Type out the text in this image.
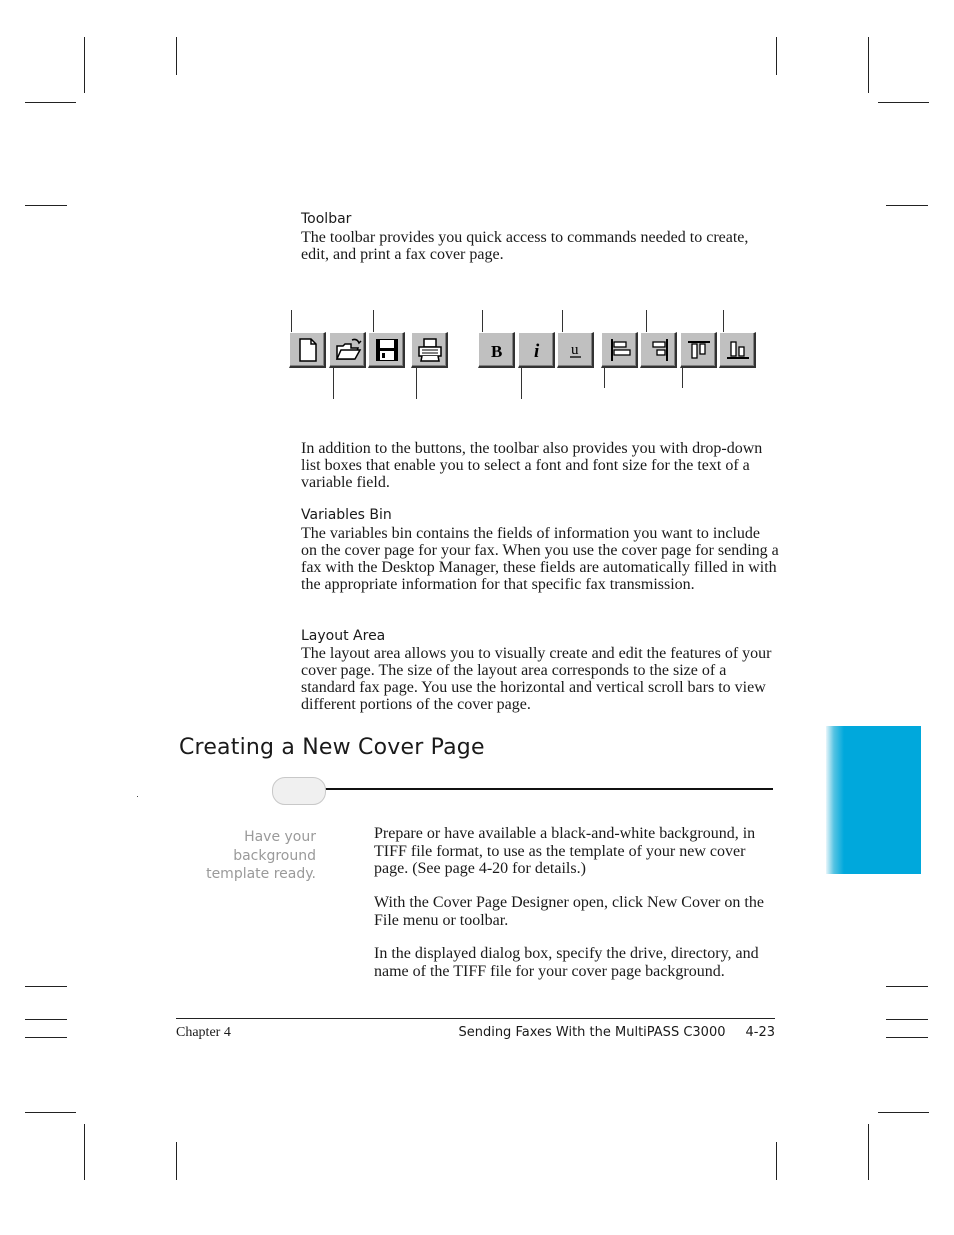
Toolbar
The toolbar provides you quick access to commands needed to create, edit, and print a fax cover page.
B i u
In addition to the buttons, the toolbar also provides you with drop-down list boxes that enable you to select a font and font size for the text of a variable field.
Variables Bin
The variables bin contains the fields of information you want to include on the cover page for your fax. When you use the cover page for sending a fax with the Desktop Manager, these fields are automatically filled in with the appropriate information for that specific fax transmission.
Layout Area
The layout area allows you to visually create and edit the features of your cover page. The size of the layout area corresponds to the size of a standard fax page. You use the horizontal and vertical scroll bars to view different portions of the cover page.
Creating a New Cover Page
Have your
background
template ready.
Prepare or have available a black-and-white background, in TIFF file format, to use as the template of your new cover page. (See page 4-20 for details.)
With the Cover Page Designer open, click New Cover on the File menu or toolbar.
In the displayed dialog box, specify the drive, directory, and name of the TIFF file for your cover page background.
Chapter 4	Sending Faxes With the MultiPASS C3000 4-23
